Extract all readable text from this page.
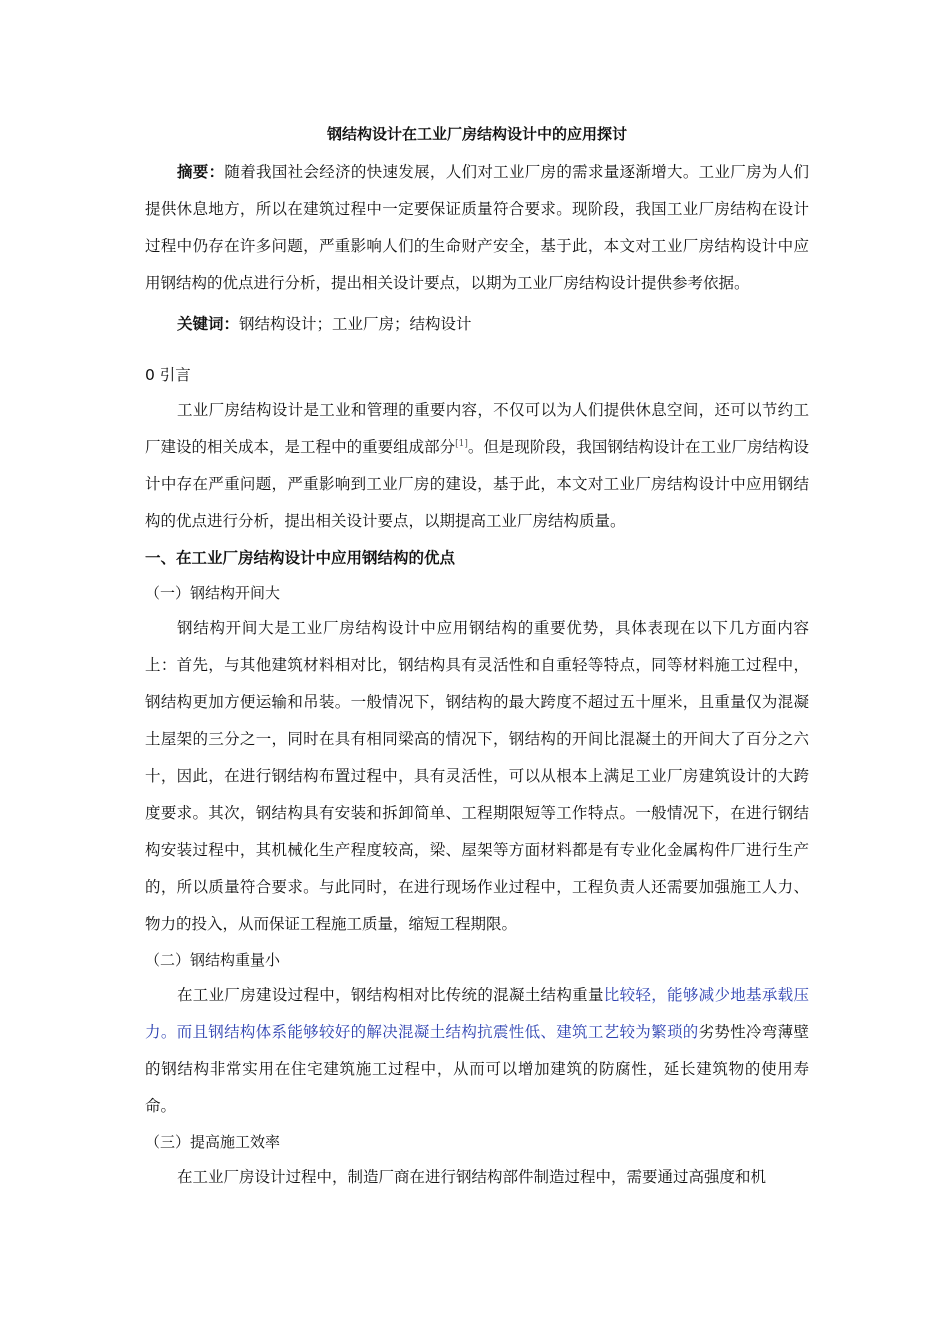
钢结构设计在工业厂房结构设计中的应用探讨

摘要：随着我国社会经济的快速发展，人们对工业厂房的需求量逐渐增大。工业厂房为人们提供休息地方，所以在建筑过程中一定要保证质量符合要求。现阶段，我国工业厂房结构在设计过程中仍存在许多问题，严重影响人们的生命财产安全，基于此，本文对工业厂房结构设计中应用钢结构的优点进行分析，提出相关设计要点，以期为工业厂房结构设计提供参考依据。

关键词：钢结构设计；工业厂房；结构设计

0 引言

工业厂房结构设计是工业和管理的重要内容，不仅可以为人们提供休息空间，还可以节约工厂建设的相关成本，是工程中的重要组成部分[1]。但是现阶段，我国钢结构设计在工业厂房结构设计中存在严重问题，严重影响到工业厂房的建设，基于此，本文对工业厂房结构设计中应用钢结构的优点进行分析，提出相关设计要点，以期提高工业厂房结构质量。

一、在工业厂房结构设计中应用钢结构的优点
（一）钢结构开间大

钢结构开间大是工业厂房结构设计中应用钢结构的重要优势，具体表现在以下几方面内容上：首先，与其他建筑材料相对比，钢结构具有灵活性和自重轻等特点，同等材料施工过程中，钢结构更加方便运输和吊装。一般情况下，钢结构的最大跨度不超过五十厘米，且重量仅为混凝土屋架的三分之一，同时在具有相同梁高的情况下，钢结构的开间比混凝土的开间大了百分之六十，因此，在进行钢结构布置过程中，具有灵活性，可以从根本上满足工业厂房建筑设计的大跨度要求。其次，钢结构具有安装和拆卸简单、工程期限短等工作特点。一般情况下，在进行钢结构安装过程中，其机械化生产程度较高，梁、屋架等方面材料都是有专业化金属构件厂进行生产的，所以质量符合要求。与此同时，在进行现场作业过程中，工程负责人还需要加强施工人力、物力的投入，从而保证工程施工质量，缩短工程期限。

（二）钢结构重量小

在工业厂房建设过程中，钢结构相对比传统的混凝土结构重量比较轻，能够减少地基承载压力。而且钢结构体系能够较好的解决混凝土结构抗震性低、建筑工艺较为繁琐的劣势性冷弯薄壁的钢结构非常实用在住宅建筑施工过程中，从而可以增加建筑的防腐性，延长建筑物的使用寿命。

（三）提高施工效率

在工业厂房设计过程中，制造厂商在进行钢结构部件制造过程中，需要通过高强度和机
